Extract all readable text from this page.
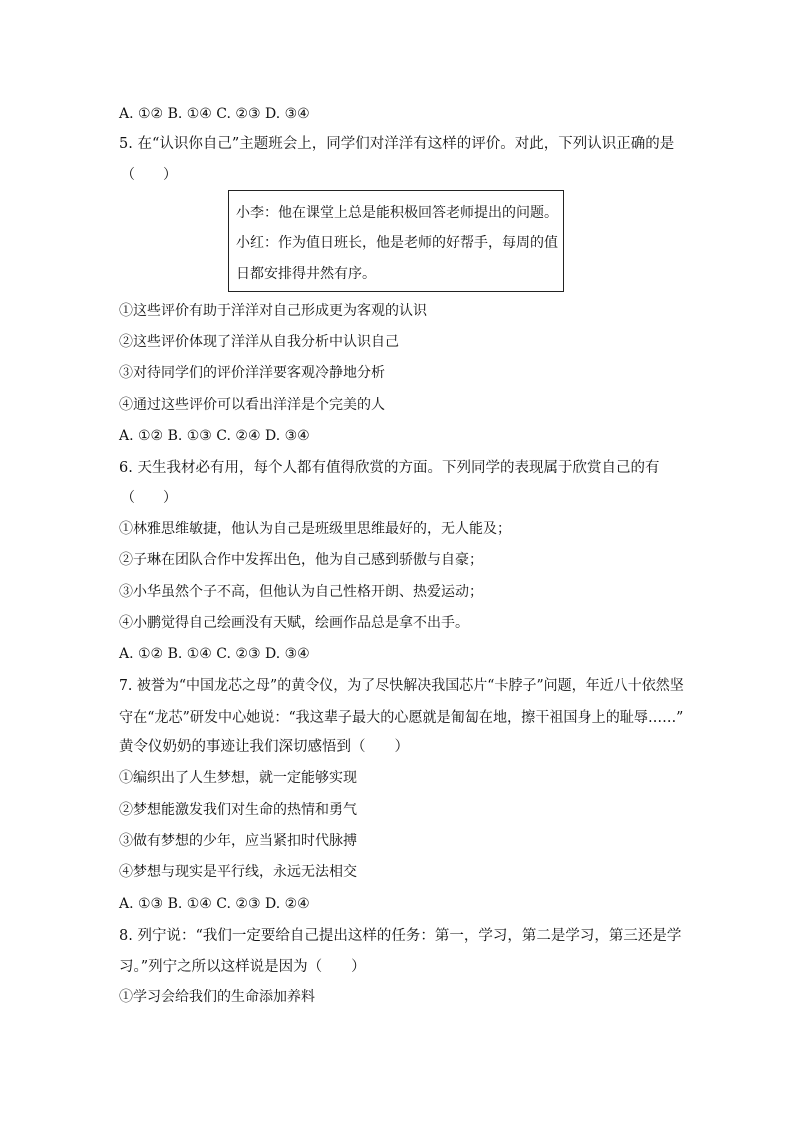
A. ①② B. ①④ C. ②③ D. ③④
5. 在“认识你自己”主题班会上，同学们对洋洋有这样的评价。对此，下列认识正确的是
（　　）
小李：他在课堂上总是能积极回答老师提出的问题。
小红：作为值日班长，他是老师的好帮手，每周的值
日都安排得井然有序。
①这些评价有助于洋洋对自己形成更为客观的认识
②这些评价体现了洋洋从自我分析中认识自己
③对待同学们的评价洋洋要客观冷静地分析
④通过这些评价可以看出洋洋是个完美的人
A. ①② B. ①③ C. ②④ D. ③④
6. 天生我材必有用，每个人都有值得欣赏的方面。下列同学的表现属于欣赏自己的有
（　　）
①林雅思维敏捷，他认为自己是班级里思维最好的，无人能及；
②子琳在团队合作中发挥出色，他为自己感到骄傲与自豪；
③小华虽然个子不高，但他认为自己性格开朗、热爱运动；
④小鹏觉得自己绘画没有天赋，绘画作品总是拿不出手。
A. ①② B. ①④ C. ②③ D. ③④
7. 被誉为“中国龙芯之母”的黄令仪，为了尽快解决我国芯片“卡脖子”问题，年近八十依然坚
守在“龙芯”研发中心她说：“我这辈子最大的心愿就是匍匐在地，擦干祖国身上的耻辱……”
黄令仪奶奶的事迹让我们深切感悟到（　　）
①编织出了人生梦想，就一定能够实现
②梦想能激发我们对生命的热情和勇气
③做有梦想的少年，应当紧扣时代脉搏
④梦想与现实是平行线，永远无法相交
A. ①③ B. ①④ C. ②③ D. ②④
8. 列宁说：“我们一定要给自己提出这样的任务：第一，学习，第二是学习，第三还是学
习。”列宁之所以这样说是因为（　　）
①学习会给我们的生命添加养料
